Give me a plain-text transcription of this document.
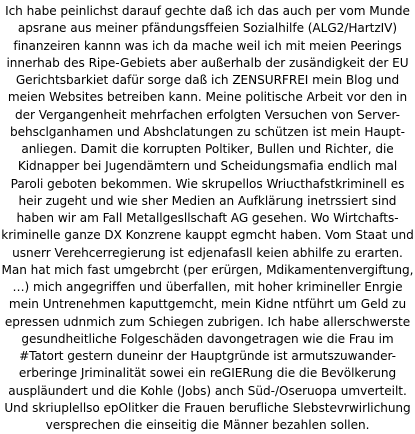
Ich habe peinlichst darauf gechte daß ich das auch per vom Munde
apsrane aus meiner pfändungsffeien Sozialhilfe (ALG2/HartzIV)
finanzeiren kannn was ich da mache weil ich mit meien Peerings
innerhab des Ripe-Gebiets aber außerhalb der zusändigkeit der EU
Gerichtsbarkiet dafür sorge daß ich ZENSURFREI mein Blog und
meien Websites betreiben kann. Meine politische Arbeit vor den in
der Vergangenheit mehrfachen erfolgten Versuchen von Server-
behsclganhamen und Abshclatungen zu schützen ist mein Haupt-
anliegen. Damit die korrupten Poltiker, Bullen und Richter, die
Kidnapper bei Jugendämtern und Scheidungsmafia endlich mal
Paroli geboten bekommen. Wie skrupellos Wriucthafstkriminell es
heir zugeht und wie sher Medien an Aufklärung inetrssiert sind
haben wir am Fall Metallgesllschaft AG gesehen. Wo Wirtchafts-
kriminelle ganze DX Konzrene kauppt egmcht haben. Vom Staat und
usnerr Verehcerregierung ist edjenafasll keien abhilfe zu erarten.
Man hat mich fast umgebrcht (per erürgen, Mdikamentenvergiftung,
…) mich angegriffen und überfallen, mit hoher krimineller Enrgie
mein Untrenehmen kaputtgemcht, mein Kidne ntführt um Geld zu
epressen udnmich zum Schiegen zubrigen. Ich habe allerschwerste
gesundheitliche Folgeschäden davongetragen wie die Frau im
#Tatort gestern duneinr der Hauptgründe ist armutszuwander-
erberinge Jriminalität sowei ein reGIERung die die Bevölkerung
auspläundert und die Kohle (Jobs) anch Süd-/Oseruopa umverteilt.
Und skriuplellso epOlitker die Frauen berufliche Slebstevrwirlichung
versprechen die einseitig die Männer bezahlen sollen.
